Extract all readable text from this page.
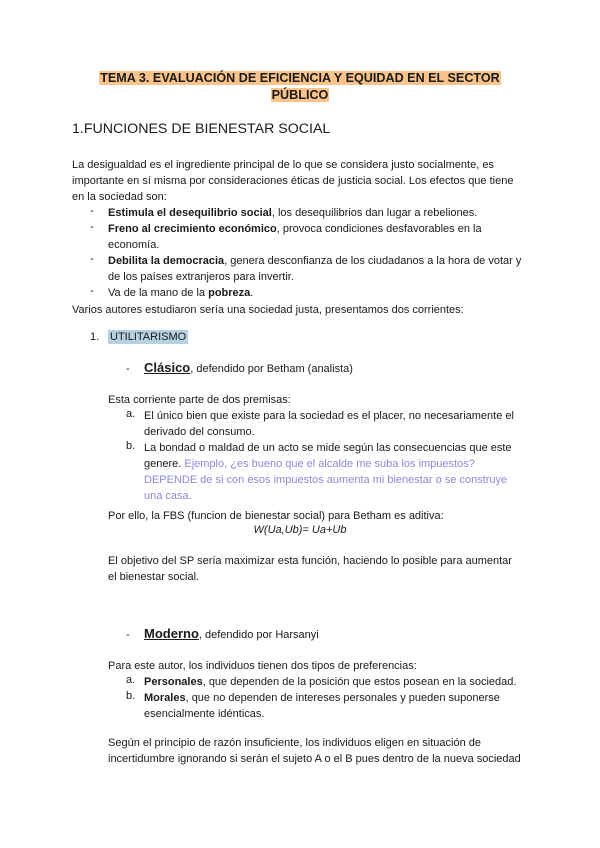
TEMA 3. EVALUACIÓN DE EFICIENCIA Y EQUIDAD EN EL SECTOR
PÚBLICO
1.FUNCIONES DE BIENESTAR SOCIAL
La desigualdad es el ingrediente principal de lo que se considera justo socialmente, es
importante en sí misma por consideraciones éticas de justicia social. Los efectos que tiene
en la sociedad son:
- Estimula el desequilibrio social, los desequilibrios dan lugar a rebeliones.
- Freno al crecimiento económico, provoca condiciones desfavorables en la
economía.
- Debilita la democracia, genera desconfianza de los ciudadanos a la hora de votar y
de los países extranjeros para invertir.
- Va de la mano de la pobreza.
Varios autores estudiaron sería una sociedad justa, presentamos dos corrientes:
1. UTILITARISMO
- Clásico, defendido por Betham (analista)
Esta corriente parte de dos premisas:
a. El único bien que existe para la sociedad es el placer, no necesariamente el
derivado del consumo.
b. La bondad o maldad de un acto se mide según las consecuencias que este
genere. Ejemplo, ¿es bueno que el alcalde me suba los impuestos?
DEPENDE de si con esos impuestos aumenta mi bienestar o se construye
una casa.
Por ello, la FBS (funcion de bienestar social) para Betham es aditiva:
W(Ua,Ub)= Ua+Ub
El objetivo del SP sería maximizar esta función, haciendo lo posible para aumentar
el bienestar social.
- Moderno, defendido por Harsanyi
Para este autor, los individuos tienen dos tipos de preferencias:
a. Personales, que dependen de la posición que estos posean en la sociedad.
b. Morales, que no dependen de intereses personales y pueden suponerse
esencialmente idénticas.
Según el principio de razón insuficiente, los individuos eligen en situación de
incertidumbre ignorando si serán el sujeto A o el B pues dentro de la nueva sociedad
